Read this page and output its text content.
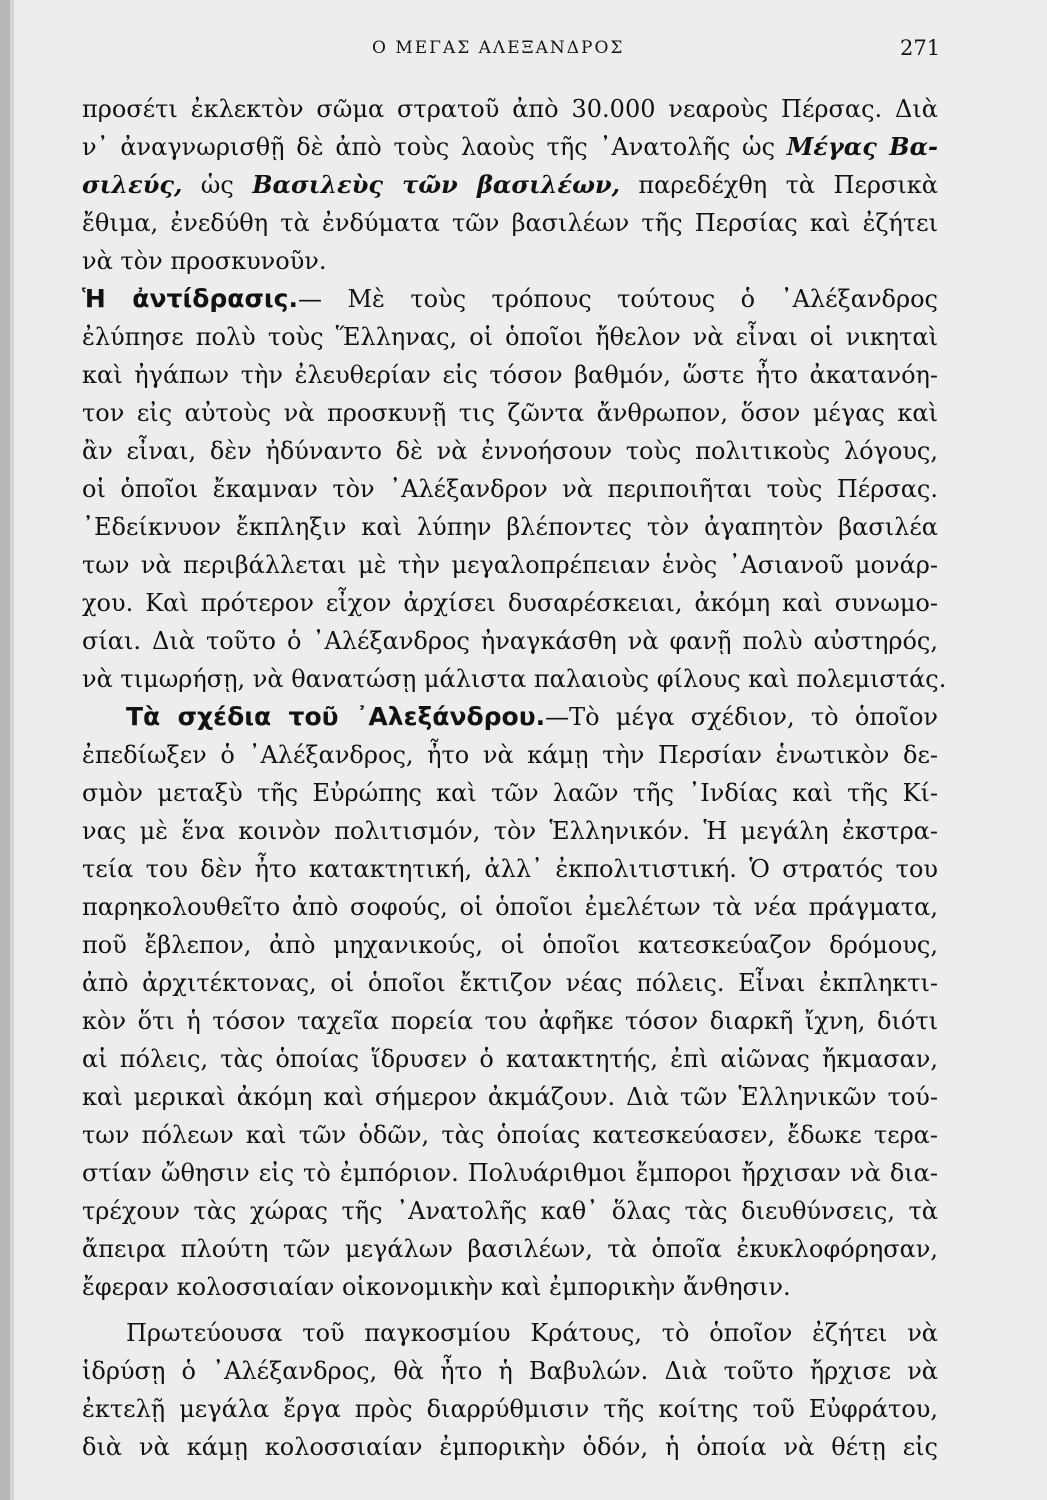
Ο ΜΕΓΑΣ ΑΛΕΞΑΝΔΡΟΣ	271
προσέτι ἐκλεκτὸν σῶμα στρατοῦ ἀπὸ 30.000 νεαροὺς Πέρσας. Διὰ
ν᾿ ἀναγνωρισθῇ δὲ ἀπὸ τοὺς λαοὺς τῆς ᾿Ανατολῆς ὡς Μέγας Βα-
σιλεύς, ὡς Βασιλεὺς τῶν βασιλέων, παρεδέχθη τὰ Περσικὰ
ἔθιμα, ἐνεδύθη τὰ ἐνδύματα τῶν βασιλέων τῆς Περσίας καὶ ἐζήτει
νὰ τὸν προσκυνοῦν.
Ἡ ἀντίδρασις.— Μὲ τοὺς τρόπους τούτους ὁ ᾿Αλέξανδρος
ἐλύπησε πολὺ τοὺς Ἕλληνας, οἱ ὁποῖοι ἤθελον νὰ εἶναι οἱ νικηταὶ
καὶ ἠγάπων τὴν ἐλευθερίαν εἰς τόσον βαθμόν, ὥστε ἦτο ἀκατανόη-
τον εἰς αὐτοὺς νὰ προσκυνῇ τις ζῶντα ἄνθρωπον, ὅσον μέγας καὶ
ἂν εἶναι, δὲν ἠδύναντο δὲ νὰ ἐννοήσουν τοὺς πολιτικοὺς λόγους,
οἱ ὁποῖοι ἔκαμναν τὸν ᾿Αλέξανδρον νὰ περιποιῆται τοὺς Πέρσας.
᾿Εδείκνυον ἔκπληξιν καὶ λύπην βλέποντες τὸν ἀγαπητὸν βασιλέα
των νὰ περιβάλλεται μὲ τὴν μεγαλοπρέπειαν ἑνὸς ᾿Ασιανοῦ μονάρ-
χου. Καὶ πρότερον εἶχον ἀρχίσει δυσαρέσκειαι, ἀκόμη καὶ συνωμο-
σίαι. Διὰ τοῦτο ὁ ᾿Αλέξανδρος ἠναγκάσθη νὰ φανῇ πολὺ αὐστηρός,
νὰ τιμωρήσῃ, νὰ θανατώσῃ μάλιστα παλαιοὺς φίλους καὶ πολεμιστάς.
Τὰ σχέδια τοῦ ᾿Αλεξάνδρου.—Τὸ μέγα σχέδιον, τὸ ὁποῖον
ἐπεδίωξεν ὁ ᾿Αλέξανδρος, ἦτο νὰ κάμῃ τὴν Περσίαν ἑνωτικὸν δε-
σμὸν μεταξὺ τῆς Εὐρώπης καὶ τῶν λαῶν τῆς ᾿Ινδίας καὶ τῆς Κί-
νας μὲ ἕνα κοινὸν πολιτισμόν, τὸν Ἑλληνικόν. Ἡ μεγάλη ἐκστρα-
τεία του δὲν ἦτο κατακτητική, ἀλλ᾿ ἐκπολιτιστική. Ὁ στρατός του
παρηκολουθεῖτο ἀπὸ σοφούς, οἱ ὁποῖοι ἐμελέτων τὰ νέα πράγματα,
ποῦ ἔβλεπον, ἀπὸ μηχανικούς, οἱ ὁποῖοι κατεσκεύαζον δρόμους,
ἀπὸ ἀρχιτέκτονας, οἱ ὁποῖοι ἔκτιζον νέας πόλεις. Εἶναι ἐκπληκτι-
κὸν ὅτι ἡ τόσον ταχεῖα πορεία του ἀφῆκε τόσον διαρκῆ ἴχνη, διότι
αἱ πόλεις, τὰς ὁποίας ἵδρυσεν ὁ κατακτητής, ἐπὶ αἰῶνας ἤκμασαν,
καὶ μερικαὶ ἀκόμη καὶ σήμερον ἀκμάζουν. Διὰ τῶν Ἑλληνικῶν τού-
των πόλεων καὶ τῶν ὁδῶν, τὰς ὁποίας κατεσκεύασεν, ἔδωκε τερα-
στίαν ὤθησιν εἰς τὸ ἐμπόριον. Πολυάριθμοι ἔμποροι ἤρχισαν νὰ δια-
τρέχουν τὰς χώρας τῆς ᾿Ανατολῆς καθ᾿ ὅλας τὰς διευθύνσεις, τὰ
ἄπειρα πλούτη τῶν μεγάλων βασιλέων, τὰ ὁποῖα ἐκυκλοφόρησαν,
ἔφεραν κολοσσιαίαν οἰκονομικὴν καὶ ἐμπορικὴν ἄνθησιν.
Πρωτεύουσα τοῦ παγκοσμίου Κράτους, τὸ ὁποῖον ἐζήτει νὰ
ἱδρύσῃ ὁ ᾿Αλέξανδρος, θὰ ἦτο ἡ Βαβυλών. Διὰ τοῦτο ἤρχισε νὰ
ἐκτελῇ μεγάλα ἔργα πρὸς διαρρύθμισιν τῆς κοίτης τοῦ Εὐφράτου,
διὰ νὰ κάμῃ κολοσσιαίαν ἐμπορικὴν ὁδόν, ἡ ὁποία νὰ θέτῃ εἰς
